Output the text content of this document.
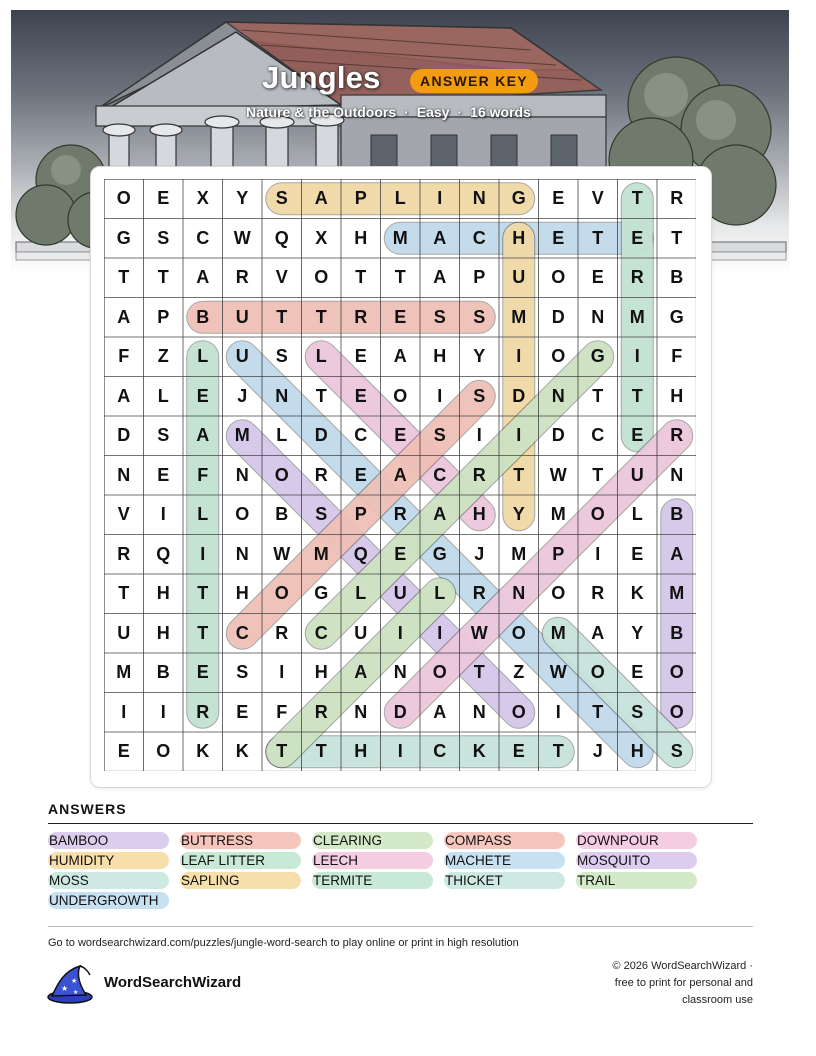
Jungles	ANSWER KEY
Nature & the Outdoors · Easy · 16 words
O	E	X	Y	S	A	P	L	I	N	G	E	V	T	R
G	S	C	W	Q	X	H	M	A	C	H	E	T	E	T
T	T	A	R	V	O	T	T	A	P	U	O	E	R	B
A	P	B	U	T	T	R	E	S	S	M	D	N	M	G
F	Z	L	U	S	L	E	A	H	Y	I	O	G	I	F
A	L	E	J	N	T	E	O	I	S	D	N	T	T	H
D	S	A	M	L	D	C	E	S	I	I	D	C	E	R
N	E	F	N	O	R	E	A	C	R	T	W	T	U	N
V	I	L	O	B	S	P	R	A	H	Y	M	O	L	B
R	Q	I	N	W	M	Q	E	G	J	M	P	I	E	A
T	H	T	H	O	G	L	U	L	R	N	O	R	K	M
U	H	T	C	R	C	U	I	I	W	O	M	A	Y	B
M	B	E	S	I	H	A	N	O	T	Z	W	O	E	O
I	I	R	E	F	R	N	D	A	N	O	I	T	S	O
E	O	K	K	T	T	H	I	C	K	E	T	J	H	S
ANSWERS
BAMBOO	BUTTRESS	CLEARING	COMPASS	DOWNPOUR
HUMIDITY	LEAF LITTER	LEECH	MACHETE	MOSQUITO
MOSS	SAPLING	TERMITE	THICKET	TRAIL
UNDERGROWTH
Go to wordsearchwizard.com/puzzles/jungle-word-search to play online or print in high resolution
★
★
★
WordSearchWizard
© 2026 WordSearchWizard ·
free to print for personal and
classroom use
